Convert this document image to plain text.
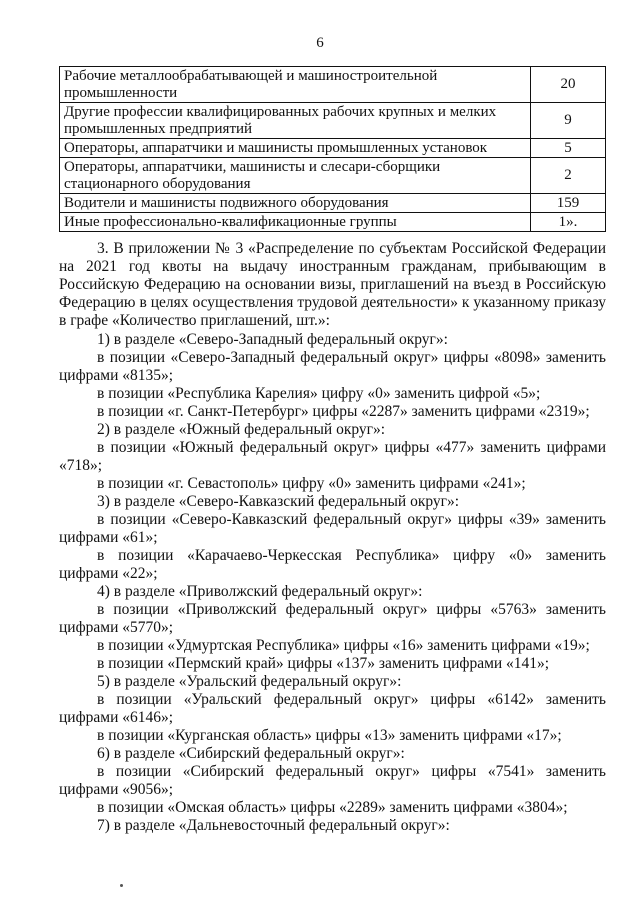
6
Рабочие металлообрабатывающей и машиностроительной промышленности	20
Другие профессии квалифицированных рабочих крупных и мелких промышленных предприятий	9
Операторы, аппаратчики и машинисты промышленных установок	5
Операторы, аппаратчики, машинисты и слесари-сборщики стационарного оборудования	2
Водители и машинисты подвижного оборудования	159
Иные профессионально-квалификационные группы	1».

3. В приложении № 3 «Распределение по субъектам Российской Федерации на 2021 год квоты на выдачу иностранным гражданам, прибывающим в Российскую Федерацию на основании визы, приглашений на въезд в Российскую Федерацию в целях осуществления трудовой деятельности» к указанному приказу в графе «Количество приглашений, шт.»:

1) в разделе «Северо-Западный федеральный округ»:

в позиции «Северо-Западный федеральный округ» цифры «8098» заменить цифрами «8135»;

в позиции «Республика Карелия» цифру «0» заменить цифрой «5»;

в позиции «г. Санкт-Петербург» цифры «2287» заменить цифрами «2319»;

2) в разделе «Южный федеральный округ»:

в позиции «Южный федеральный округ» цифры «477» заменить цифрами «718»;

в позиции «г. Севастополь» цифру «0» заменить цифрами «241»;

3) в разделе «Северо-Кавказский федеральный округ»:

в позиции «Северо-Кавказский федеральный округ» цифры «39» заменить цифрами «61»;

в позиции «Карачаево-Черкесская Республика» цифру «0» заменить цифрами «22»;

4) в разделе «Приволжский федеральный округ»:

в позиции «Приволжский федеральный округ» цифры «5763» заменить цифрами «5770»;

в позиции «Удмуртская Республика» цифры «16» заменить цифрами «19»;

в позиции «Пермский край» цифры «137» заменить цифрами «141»;

5) в разделе «Уральский федеральный округ»:

в позиции «Уральский федеральный округ» цифры «6142» заменить цифрами «6146»;

в позиции «Курганская область» цифры «13» заменить цифрами «17»;

6) в разделе «Сибирский федеральный округ»:

в позиции «Сибирский федеральный округ» цифры «7541» заменить цифрами «9056»;

в позиции «Омская область» цифры «2289» заменить цифрами «3804»;

7) в разделе «Дальневосточный федеральный округ»:
